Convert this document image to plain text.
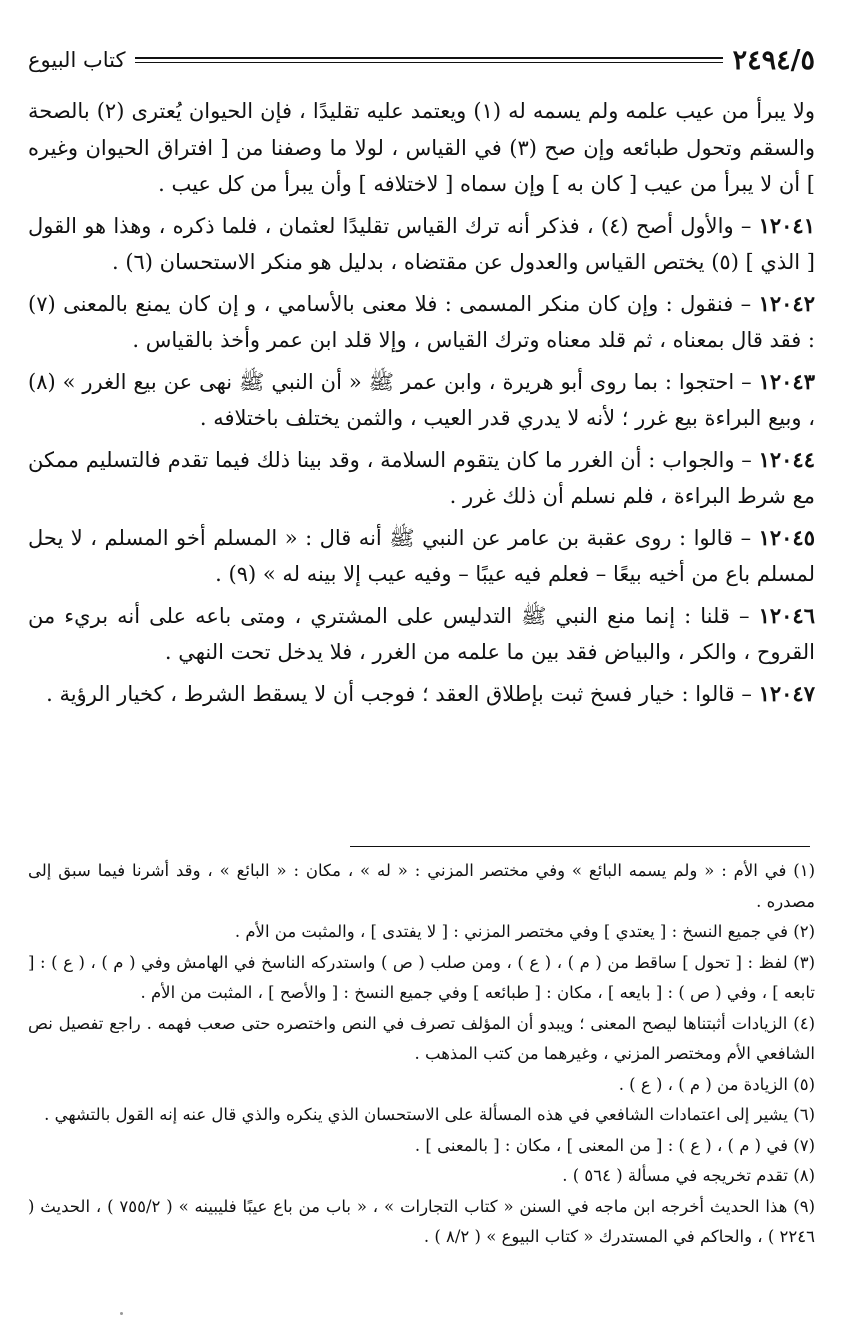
٢٤٩٤/٥
كتاب البيوع

ولا يبرأ من عيب علمه ولم يسمه له (١) ويعتمد عليه تقليدًا ، فإن الحيوان يُعترى (٢) بالصحة والسقم وتحول طبائعه وإن صح (٣) في القياس ، لولا ما وصفنا من [ افتراق الحيوان وغيره ] أن لا يبرأ من عيب [ كان به ] وإن سماه [ لاختلافه ] وأن يبرأ من كل عيب .

١٢٠٤١ – والأول أصح (٤) ، فذكر أنه ترك القياس تقليدًا لعثمان ، فلما ذكره ، وهذا هو القول [ الذي ] (٥) يختص القياس والعدول عن مقتضاه ، بدليل هو منكر الاستحسان (٦) .

١٢٠٤٢ – فنقول : وإن كان منكر المسمى : فلا معنى بالأسامي ، و إن كان يمنع بالمعنى (٧) : فقد قال بمعناه ، ثم قلد معناه وترك القياس ، وإلا قلد ابن عمر وأخذ بالقياس .

١٢٠٤٣ – احتجوا : بما روى أبو هريرة ، وابن عمر ﷺ « أن النبي ﷺ نهى عن بيع الغرر » (٨) ، وبيع البراءة بيع غرر ؛ لأنه لا يدري قدر العيب ، والثمن يختلف باختلافه .

١٢٠٤٤ – والجواب : أن الغرر ما كان يتقوم السلامة ، وقد بينا ذلك فيما تقدم فالتسليم ممكن مع شرط البراءة ، فلم نسلم أن ذلك غرر .

١٢٠٤٥ – قالوا : روى عقبة بن عامر عن النبي ﷺ أنه قال : « المسلم أخو المسلم ، لا يحل لمسلم باع من أخيه بيعًا – فعلم فيه عيبًا – وفيه عيب إلا بينه له » (٩) .

١٢٠٤٦ – قلنا : إنما منع النبي ﷺ التدليس على المشتري ، ومتى باعه على أنه بريء من القروح ، والكر ، والبياض فقد بين ما علمه من الغرر ، فلا يدخل تحت النهي .

١٢٠٤٧ – قالوا : خيار فسخ ثبت بإطلاق العقد ؛ فوجب أن لا يسقط الشرط ، كخيار الرؤية .

(١) في الأم : « ولم يسمه البائع » وفي مختصر المزني : « له » ، مكان : « البائع » ، وقد أشرنا فيما سبق إلى مصدره .

(٢) في جميع النسخ : [ يعتدي ] وفي مختصر المزني : [ لا يفتدى ] ، والمثبت من الأم .

(٣) لفظ : [ تحول ] ساقط من ( م ) ، ( ع ) ، ومن صلب ( ص ) واستدركه الناسخ في الهامش وفي ( م ) ، ( ع ) : [ تابعه ] ، وفي ( ص ) : [ بايعه ] ، مكان : [ طبائعه ] وفي جميع النسخ : [ والأصح ] ، المثبت من الأم .

(٤) الزيادات أثبتناها ليصح المعنى ؛ ويبدو أن المؤلف تصرف في النص واختصره حتى صعب فهمه . راجع تفصيل نص الشافعي الأم ومختصر المزني ، وغيرهما من كتب المذهب .

(٥) الزيادة من ( م ) ، ( ع ) .

(٦) يشير إلى اعتمادات الشافعي في هذه المسألة على الاستحسان الذي ينكره والذي قال عنه إنه القول بالتشهي .

(٧) في ( م ) ، ( ع ) : [ من المعنى ] ، مكان : [ بالمعنى ] .

(٨) تقدم تخريجه في مسألة ( ٥٦٤ ) .

(٩) هذا الحديث أخرجه ابن ماجه في السنن « كتاب التجارات » ، « باب من باع عيبًا فليبينه » ( ٧٥٥/٢ ) ، الحديث ( ٢٢٤٦ ) ، والحاكم في المستدرك « كتاب البيوع » ( ٨/٢ ) .
